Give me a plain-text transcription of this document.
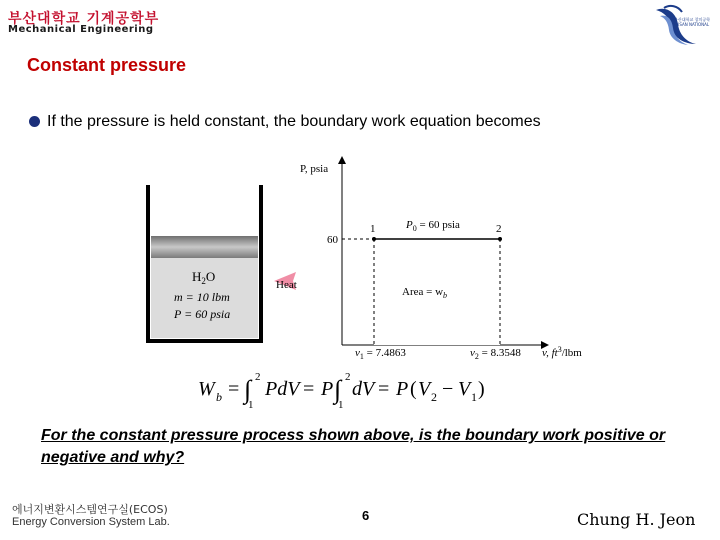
부산대학교 기계공학부
Mechanical Engineering
부산대학교 창의공학
PUSAN NATIONAL
Constant pressure
If the pressure is held constant, the boundary work equation becomes
$H_2O$
m = 10 lbm
P = 60 psia
Heat
P, psia
60
1	2
$P_0 = 60$ psia
Area = $w_b$
$v_1 = 7.4863$	$v_2 = 8.3548$ v, $ft^3$/lbm
W b = ∫ 2
1
PdV = P ∫ 2
1
dV = P ( V 2 − V 1 )
For the constant pressure process shown above, is the boundary work positive or negative and why?
에너지변환시스템연구실(ECOS)
Energy Conversion System Lab.	6	Chung H. Jeon
